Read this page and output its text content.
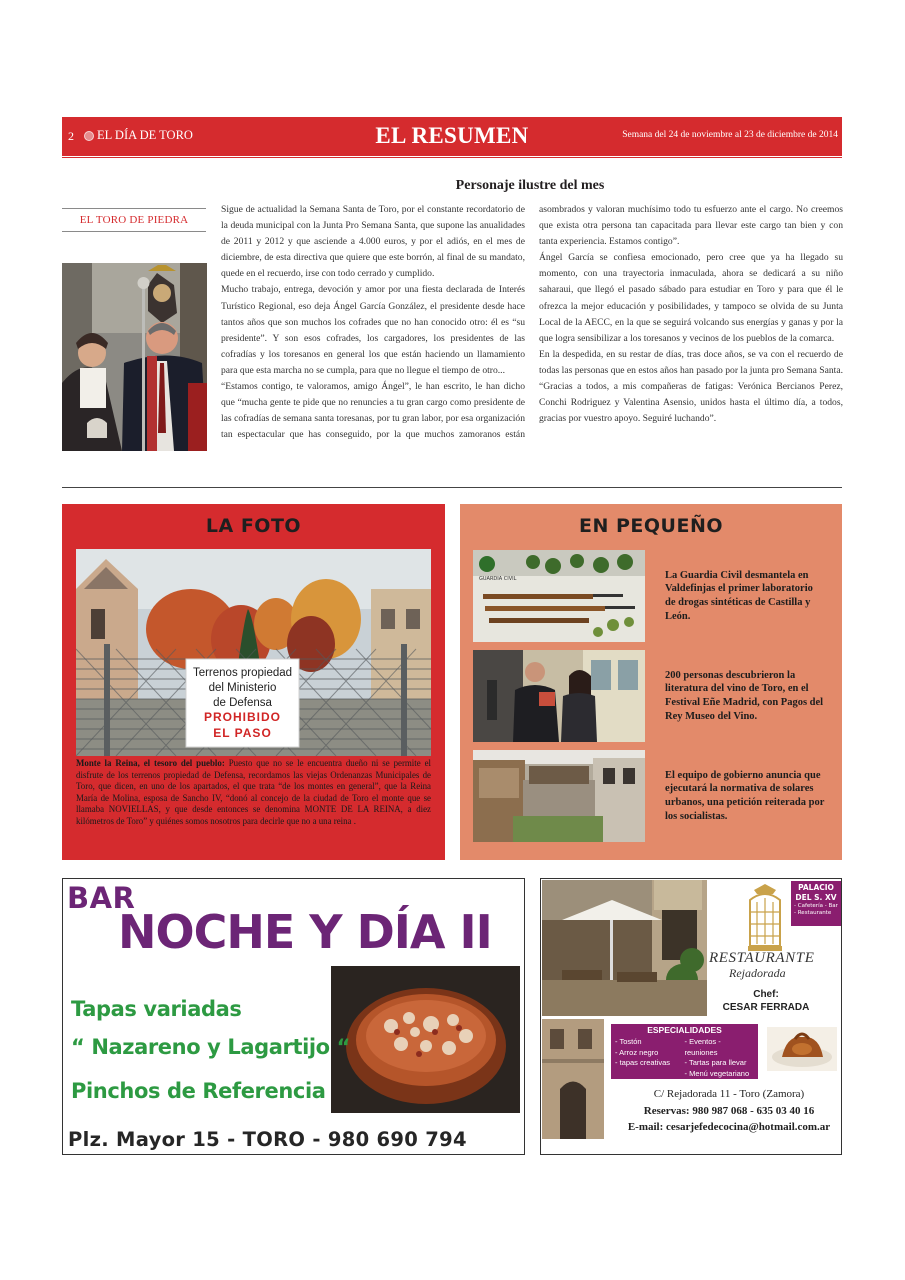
2 EL DÍA DE TORO	EL RESUMEN	Semana del 24 de noviembre al 23 de diciembre de 2014
Personaje ilustre del mes
EL TORO DE PIEDRA

Sigue de actualidad la Semana Santa de Toro, por el constante recordatorio de la deuda municipal con la Junta Pro Semana Santa, que supone las anualidades de 2011 y 2012 y que asciende a 4.000 euros, y por el adiós, en el mes de diciembre, de esta directiva que quiere que este borrón, al final de su mandato, quede en el recuerdo, irse con todo cerrado y cumplido.

Mucho trabajo, entrega, devoción y amor por una fiesta declarada de Interés Turístico Regional, eso deja Ángel García González, el presidente desde hace tantos años que son muchos los cofrades que no han conocido otro: él es “su presidente”. Y son esos cofrades, los cargadores, los presidentes de las cofradías y los toresanos en general los que están haciendo un llamamiento para que esta marcha no se cumpla, para que no llegue el tiempo de otro...

“Estamos contigo, te valoramos, amigo Ángel”, le han escrito, le han dicho que “mucha gente te pide que no renuncies a tu gran cargo como presidente de las cofradías de semana santa toresanas, por tu gran labor, por esa organización tan espectacular que has conseguido, por la que muchos zamoranos están asombrados y valoran muchísimo todo tu esfuerzo ante el cargo. No creemos que exista otra persona tan capacitada para llevar este cargo tan bien y con tanta experiencia. Estamos contigo”.

Ángel García se confiesa emocionado, pero cree que ya ha llegado su momento, con una trayectoria inmaculada, ahora se dedicará a su niño saharaui, que llegó el pasado sábado para estudiar en Toro y para que él le ofrezca la mejor educación y posibilidades, y tampoco se olvida de su Junta Local de la AECC, en la que se seguirá volcando sus energías y ganas y por la que logra sensibilizar a los toresanos y vecinos de los pueblos de la comarca.

En la despedida, en su restar de días, tras doce años, se va con el recuerdo de todas las personas que en estos años han pasado por la junta pro Semana Santa. “Gracias a todos, a mis compañeras de fatigas: Verónica Bercianos Perez, Conchi Rodriguez y Valentina Asensio, unidos hasta el último día, a todos, gracias por vuestro apoyo. Seguiré luchando”.

LA FOTO
Terrenos propiedad
del Ministerio
de Defensa
PROHIBIDO
EL PASO
Monte la Reina, el tesoro del pueblo: Puesto que no se le encuentra dueño ni se permite el disfrute de los terrenos propiedad de Defensa, recordamos las viejas Ordenanzas Municipales de Toro, que dicen, en uno de los apartados, el que trata “de los montes en general”, que la Reina María de Molina, esposa de Sancho IV, “donó al concejo de la ciudad de Toro el monte que se llamaba NOVIELLAS, y que desde entonces se denomina MONTE DE LA REINA, a diez kilómetros de Toro” y quiénes somos nosotros para decirle que no a una reina .
EN PEQUEÑO
GUARDIA CIVIL	La Guardia Civil desmantela en Valdefinjas el primer laboratorio de drogas sintéticas de Castilla y León.
200 personas descubrieron la literatura del vino de Toro, en el Festival Eñe Madrid, con Pagos del Rey Museo del Vino.
El equipo de gobierno anuncia que ejecutará la normativa de solares urbanos, una petición reiterada por los socialistas.
BAR
NOCHE Y DÍA II
Tapas variadas
“ Nazareno y Lagartijo “
Pinchos de Referencia
Plz. Mayor 15 - TORO - 980 690 794
PALACIO DEL S. XV
- Cafetería - Bar
- Restaurante
RESTAURANTE
Rejadorada
Chef:
CESAR FERRADA
ESPECIALIDADES
- Tostón
- Arroz negro
- tapas creativas
- Eventos - reuniones
- Tartas para llevar
- Menú vegetariano
C/ Rejadorada 11 - Toro (Zamora)
Reservas: 980 987 068 - 635 03 40 16
E-mail: cesarjefedecocina@hotmail.com.ar
